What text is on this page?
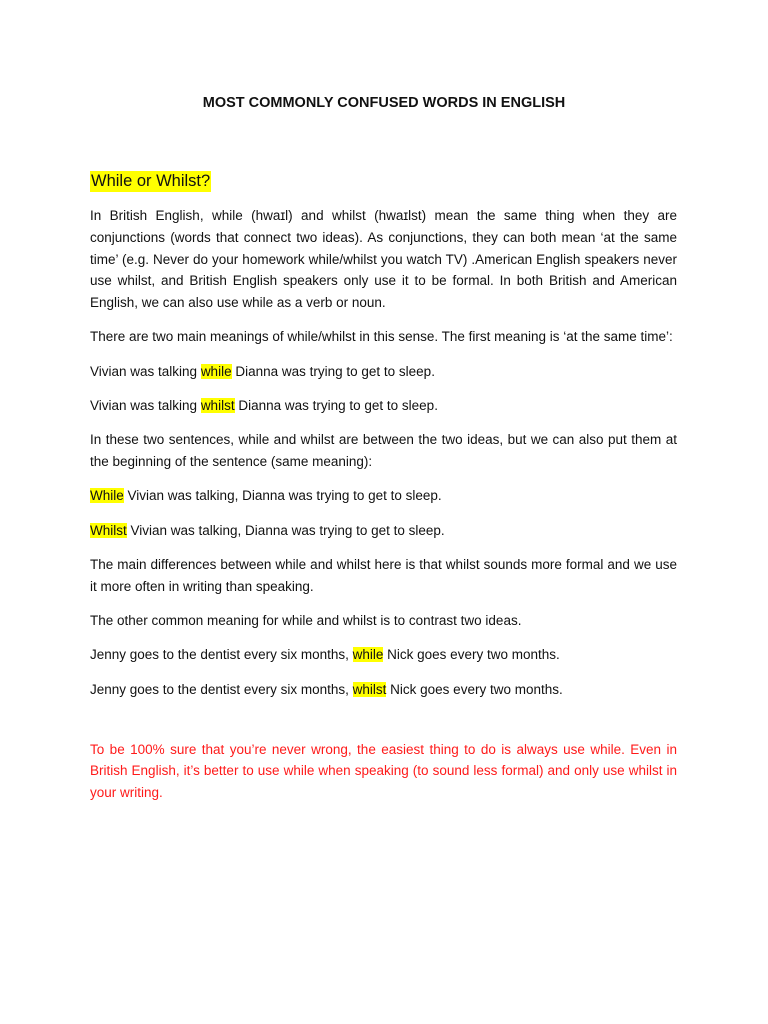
MOST COMMONLY CONFUSED WORDS IN ENGLISH
While or Whilst?

In British English, while (hwaɪl) and whilst (hwaɪlst) mean the same thing when they are conjunctions (words that connect two ideas). As conjunctions, they can both mean ‘at the same time’ (e.g. Never do your homework while/whilst you watch TV) .American English speakers never use whilst, and British English speakers only use it to be formal. In both British and American English, we can also use while as a verb or noun.

There are two main meanings of while/whilst in this sense. The first meaning is ‘at the same time’:

Vivian was talking while Dianna was trying to get to sleep.

Vivian was talking whilst Dianna was trying to get to sleep.

In these two sentences, while and whilst are between the two ideas, but we can also put them at the beginning of the sentence (same meaning):

While Vivian was talking, Dianna was trying to get to sleep.

Whilst Vivian was talking, Dianna was trying to get to sleep.

The main differences between while and whilst here is that whilst sounds more formal and we use it more often in writing than speaking.

The other common meaning for while and whilst is to contrast two ideas.

Jenny goes to the dentist every six months, while Nick goes every two months.

Jenny goes to the dentist every six months, whilst Nick goes every two months.

To be 100% sure that you’re never wrong, the easiest thing to do is always use while. Even in British English, it’s better to use while when speaking (to sound less formal) and only use whilst in your writing.
